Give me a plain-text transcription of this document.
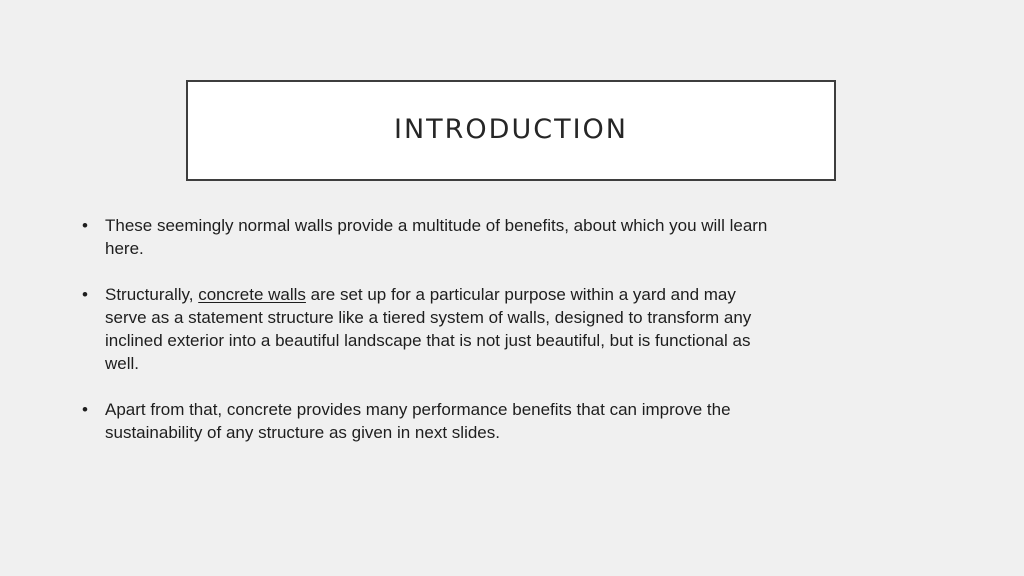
INTRODUCTION
• These seemingly normal walls provide a multitude of benefits, about which you will learn here.
• Structurally, concrete walls are set up for a particular purpose within a yard and may serve as a statement structure like a tiered system of walls, designed to transform any inclined exterior into a beautiful landscape that is not just beautiful, but is functional as well.
• Apart from that, concrete provides many performance benefits that can improve the sustainability of any structure as given in next slides.
